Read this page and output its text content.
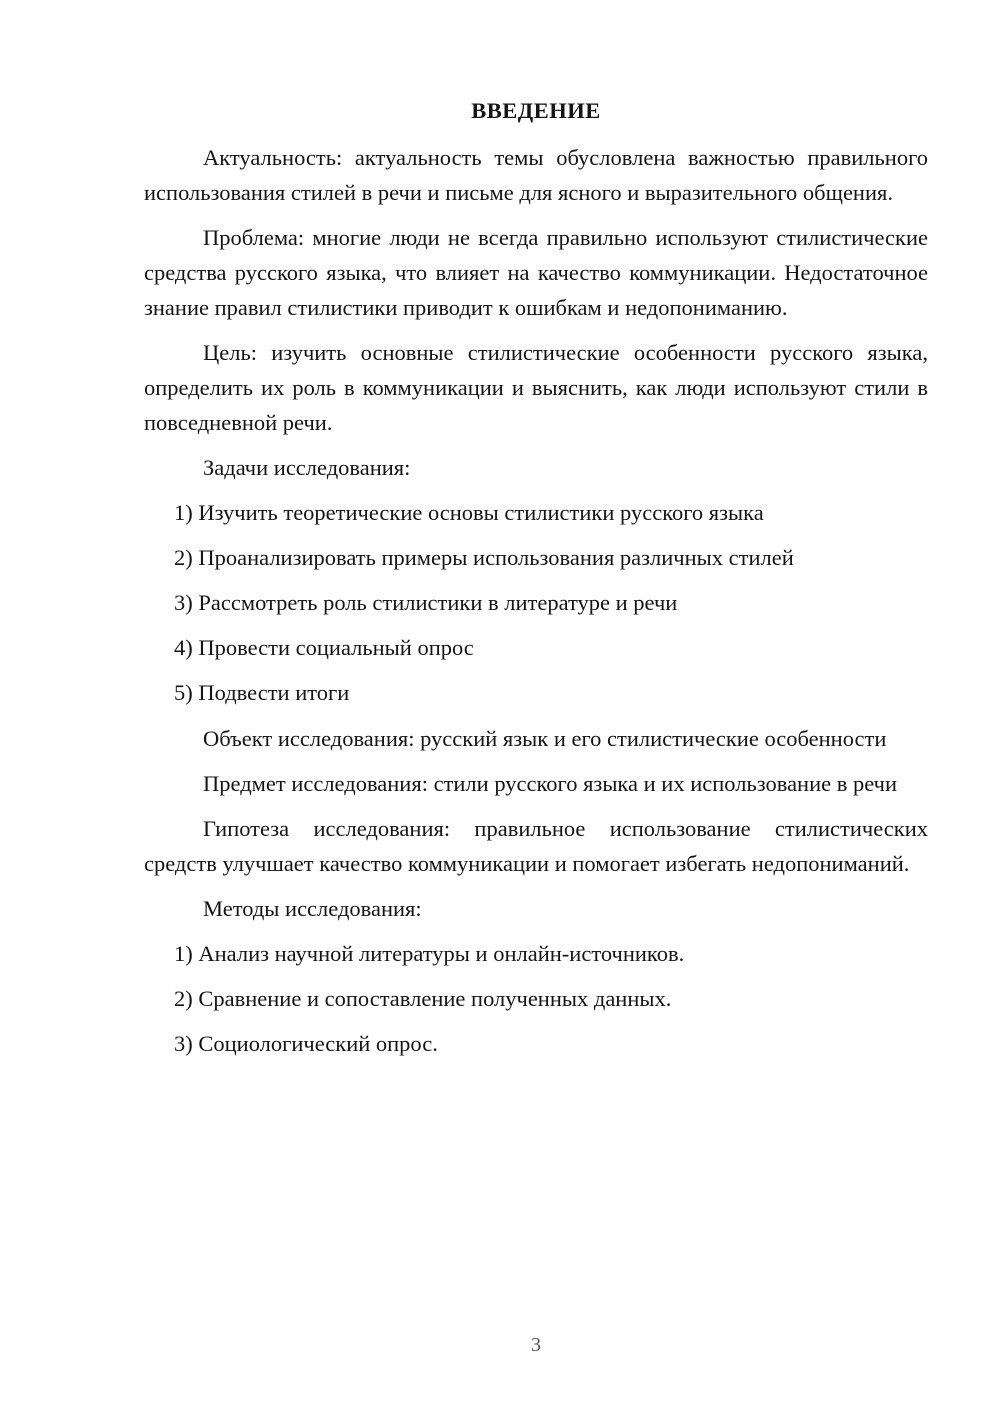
ВВЕДЕНИЕ

Актуальность: актуальность темы обусловлена важностью правильного использования стилей в речи и письме для ясного и выразительного общения.

Проблема: многие люди не всегда правильно используют стилистические средства русского языка, что влияет на качество коммуникации. Недостаточное знание правил стилистики приводит к ошибкам и недопониманию.

Цель: изучить основные стилистические особенности русского языка, определить их роль в коммуникации и выяснить, как люди используют стили в повседневной речи.

Задачи исследования:
1) Изучить теоретические основы стилистики русского языка
2) Проанализировать примеры использования различных стилей
3) Рассмотреть роль стилистики в литературе и речи
4) Провести социальный опрос
5) Подвести итоги

Объект исследования: русский язык и его стилистические особенности

Предмет исследования: стили русского языка и их использование в речи

Гипотеза исследования: правильное использование стилистических средств улучшает качество коммуникации и помогает избегать недопониманий.

Методы исследования:
1) Анализ научной литературы и онлайн-источников.
2) Сравнение и сопоставление полученных данных.
3) Социологический опрос.
3
